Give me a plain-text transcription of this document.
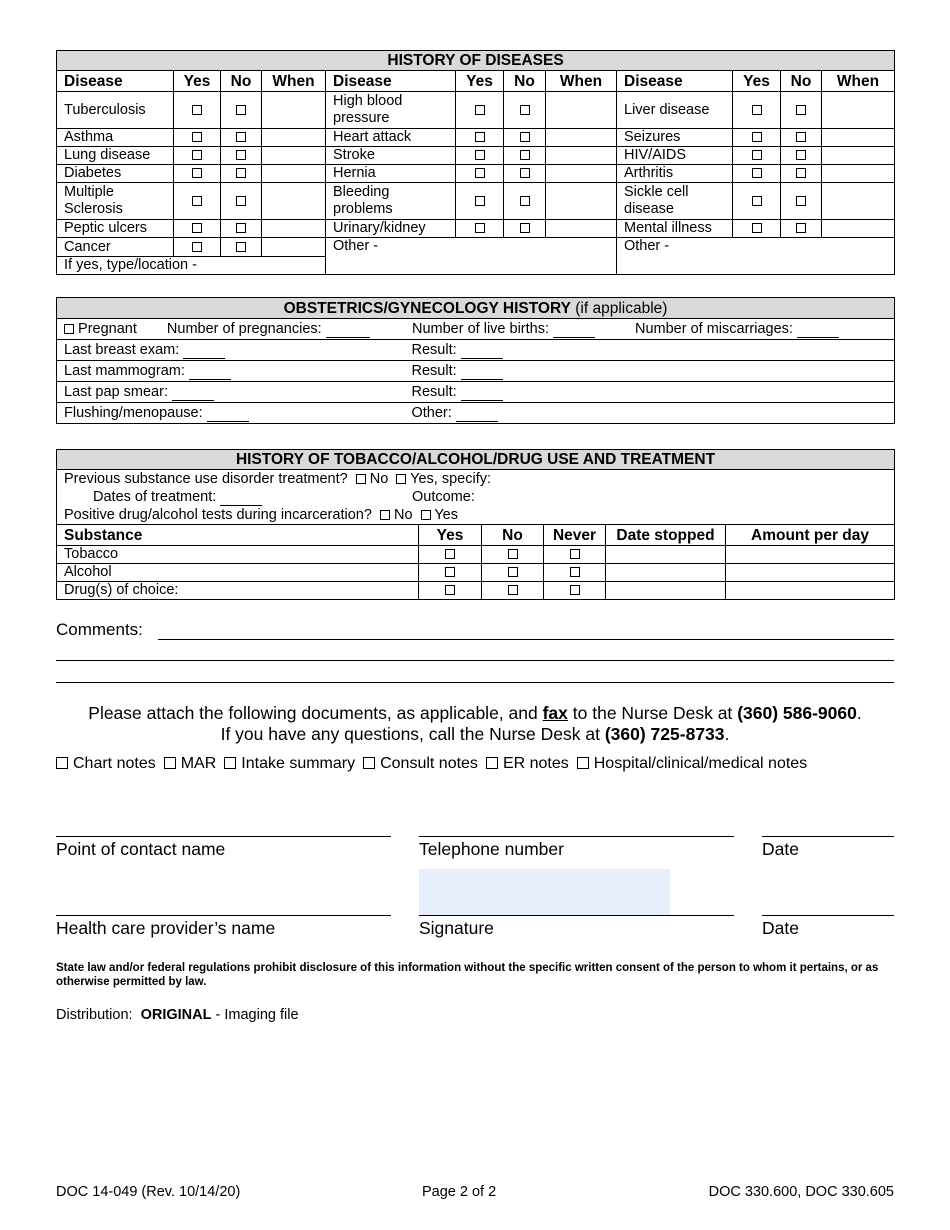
HISTORY OF DISEASES											
Disease	Yes	No	When	Disease	Yes	No	When	Disease	Yes	No	When
Tuberculosis				High blood pressure				Liver disease			
Asthma				Heart attack				Seizures			
Lung disease				Stroke				HIV/AIDS			
Diabetes				Hernia				Arthritis			
Multiple Sclerosis				Bleeding problems				Sickle cell disease			
Peptic ulcers				Urinary/kidney				Mental illness			
Cancer				Other -				Other -			
If yes, type/location -											
OBSTETRICS/GYNECOLOGY HISTORY (if applicable)	
Pregnant Number of pregnancies: Number of live births: Number of miscarriages:	

Last breast exam:	Result:
Last mammogram:	Result:
Last pap smear:	Result:
Flushing/menopause:	Other:
HISTORY OF TOBACCO/ALCOHOL/DRUG USE AND TREATMENT					

Previous substance use disorder treatment? No Yes, specify:
Dates of treatment: Outcome:
Positive drug/alcohol tests during incarceration? No Yes					

Substance	Yes	No	Never	Date stopped	Amount per day
Tobacco					
Alcohol					
Drug(s) of choice:					
Comments:
Please attach the following documents, as applicable, and fax to the Nurse Desk at (360) 586-9060.
If you have any questions, call the Nurse Desk at (360) 725-8733.
Chart notes MAR Intake summary Consult notes ER notes Hospital/clinical/medical notes
Point of contact name	Telephone number	Date
Health care provider’s name	Signature	Date
State law and/or federal regulations prohibit disclosure of this information without the specific written consent of the person to whom it pertains, or as otherwise permitted by law.
Distribution: ORIGINAL - Imaging file
DOC 14-049 (Rev. 10/14/20)	Page 2 of 2	DOC 330.600, DOC 330.605
